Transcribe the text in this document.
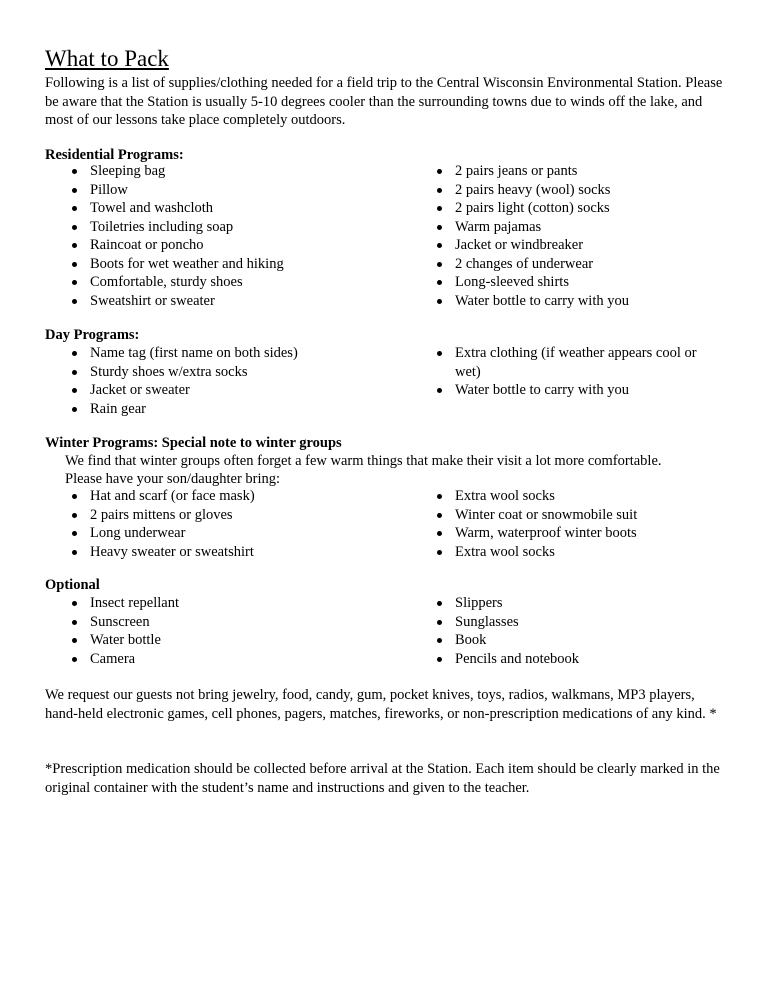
What to Pack
Following is a list of supplies/clothing needed for a field trip to the Central Wisconsin Environmental Station. Please be aware that the Station is usually 5-10 degrees cooler than the surrounding towns due to winds off the lake, and most of our lessons take place completely outdoors.
Residential Programs:
Sleeping bag
Pillow
Towel and washcloth
Toiletries including soap
Raincoat or poncho
Boots for wet weather and hiking
Comfortable, sturdy shoes
Sweatshirt or sweater
2 pairs jeans or pants
2 pairs heavy (wool) socks
2 pairs light (cotton) socks
Warm pajamas
Jacket or windbreaker
2 changes of underwear
Long-sleeved shirts
Water bottle to carry with you
Day Programs:
Name tag (first name on both sides)
Sturdy shoes w/extra socks
Jacket or sweater
Rain gear
Extra clothing (if weather appears cool or wet)
Water bottle to carry with you
Winter Programs: Special note to winter groups
We find that winter groups often forget a few warm things that make their visit a lot more comfortable.
Please have your son/daughter bring:
Hat and scarf (or face mask)
2 pairs mittens or gloves
Long underwear
Heavy sweater or sweatshirt
Extra wool socks
Winter coat or snowmobile suit
Warm, waterproof winter boots
Extra wool socks
Optional
Insect repellant
Sunscreen
Water bottle
Camera
Slippers
Sunglasses
Book
Pencils and notebook
We request our guests not bring jewelry, food, candy, gum, pocket knives, toys, radios, walkmans, MP3 players, hand-held electronic games, cell phones, pagers, matches, fireworks, or non-prescription medications of any kind. *
*Prescription medication should be collected before arrival at the Station. Each item should be clearly marked in the original container with the student’s name and instructions and given to the teacher.
